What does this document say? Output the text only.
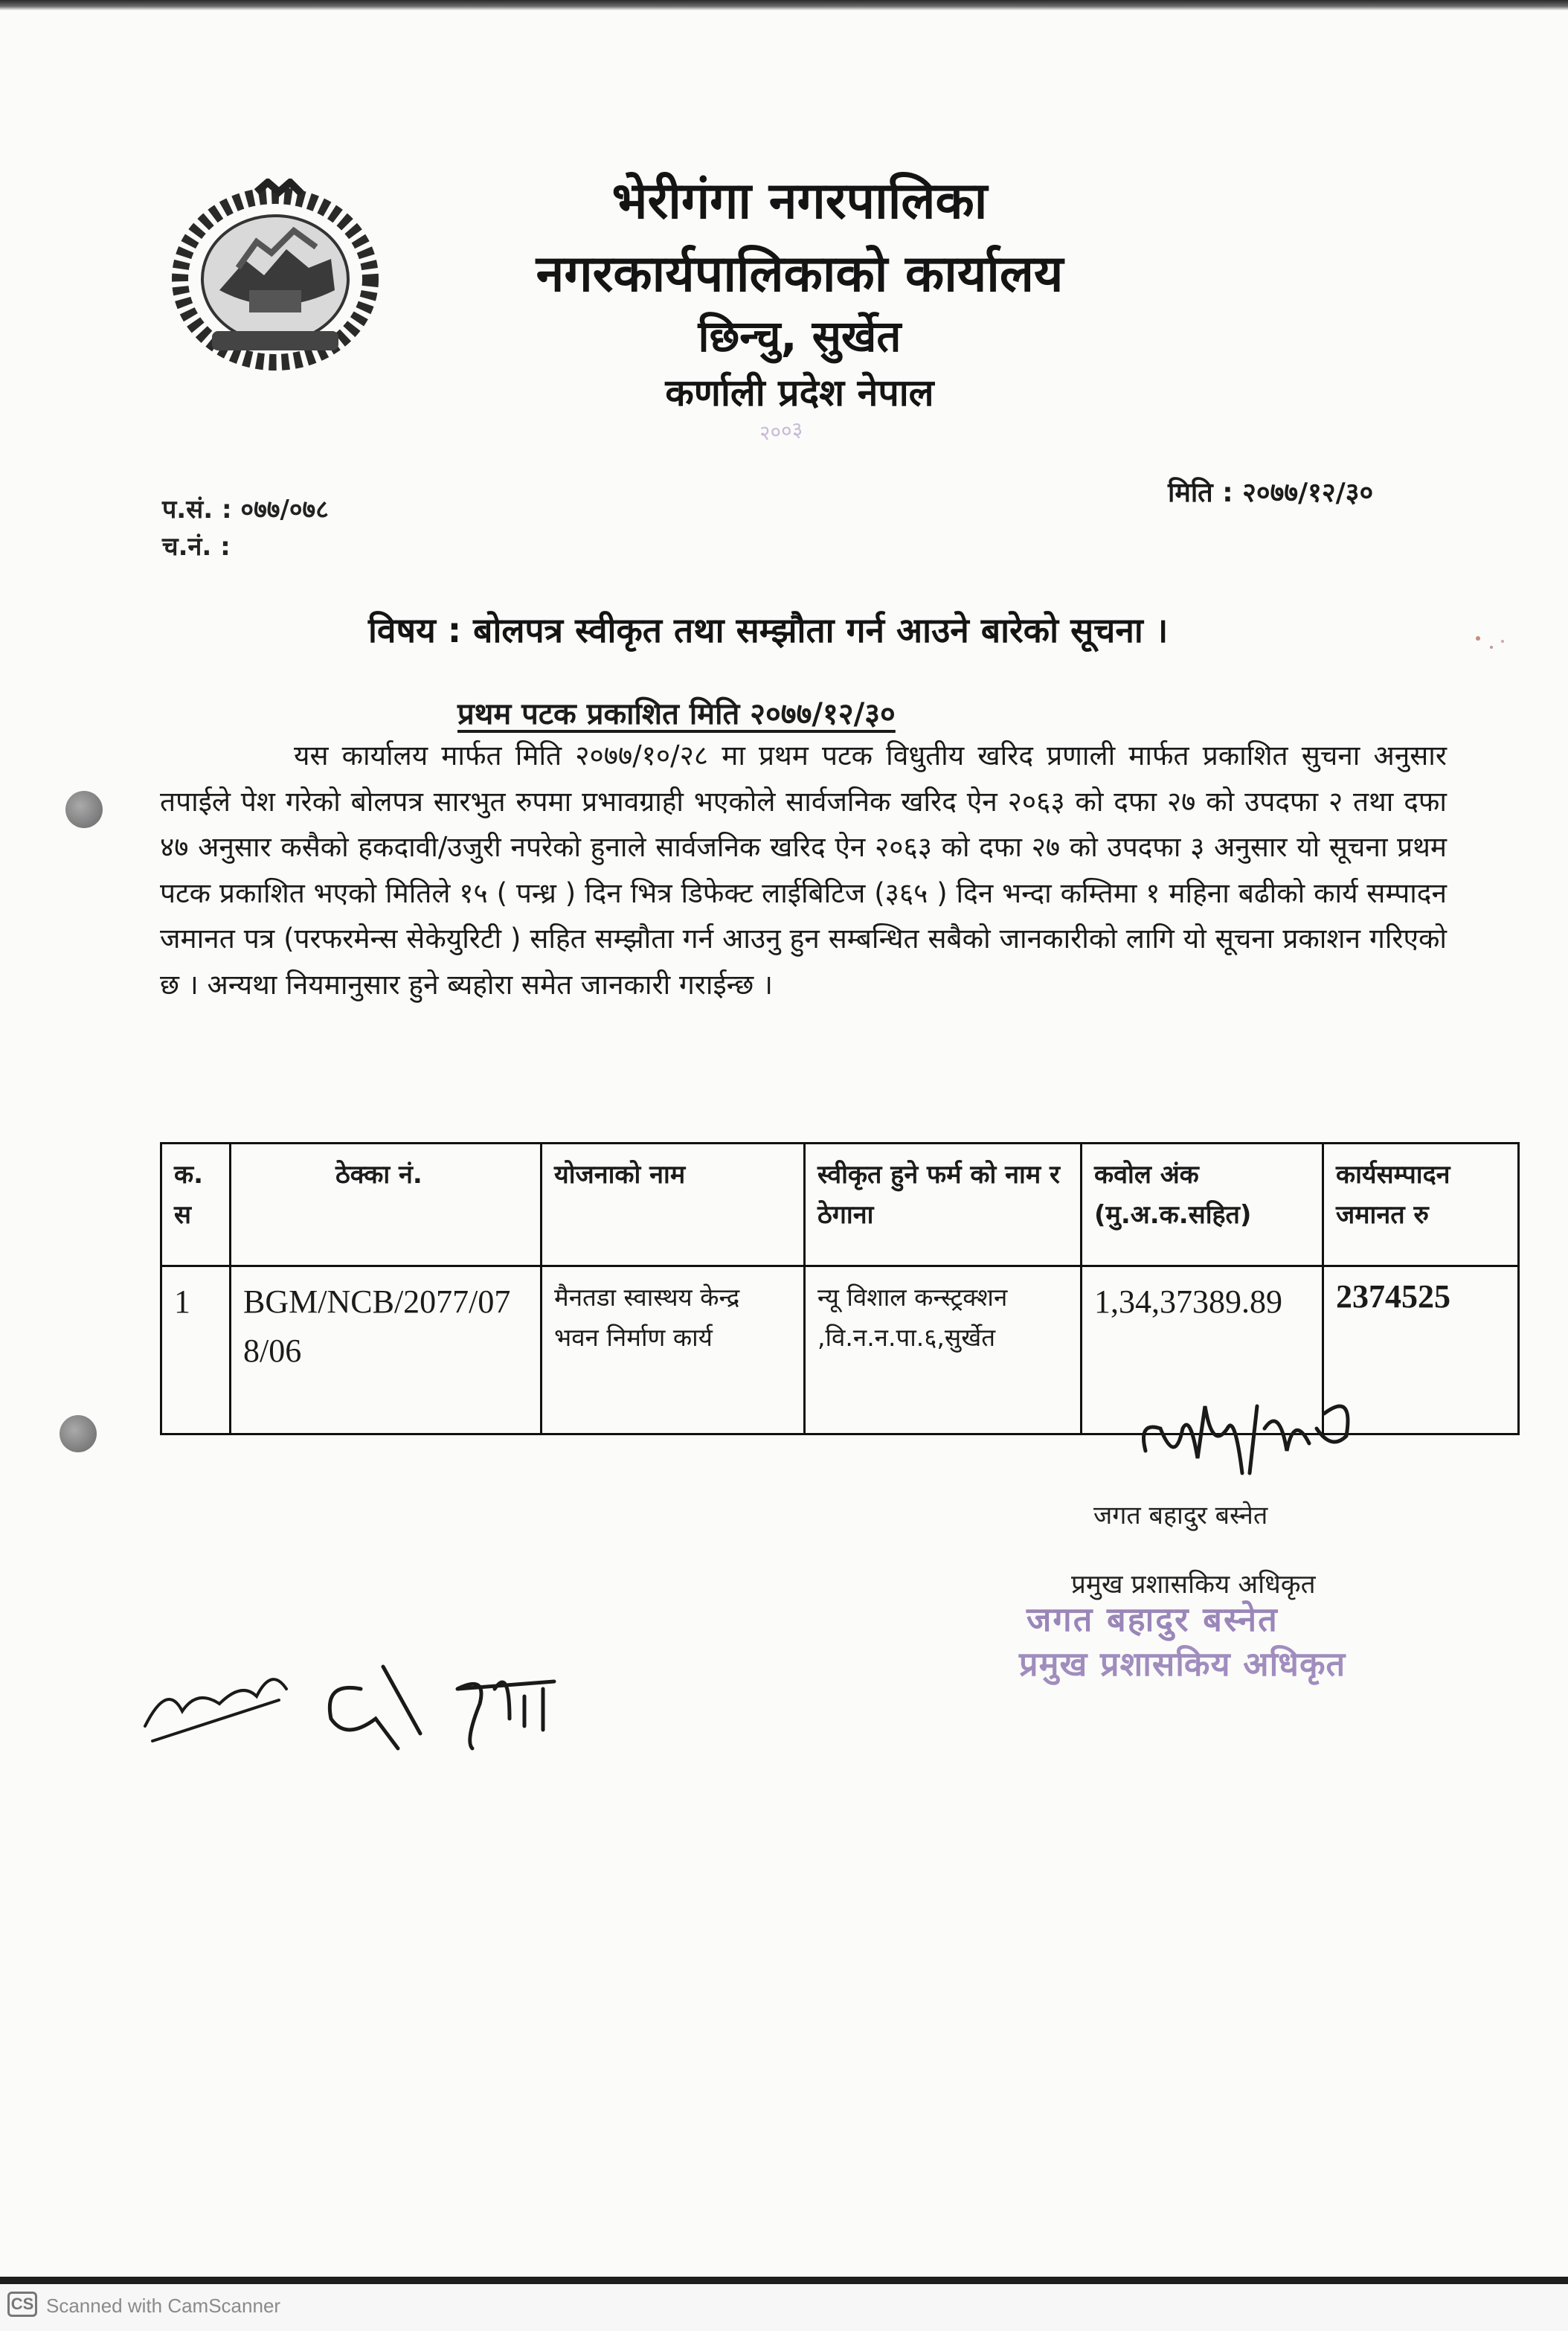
भेरीगंगा नगरपालिका
नगरकार्यपालिकाको कार्यालय
छिन्चु, सुर्खेत
कर्णाली प्रदेश नेपाल
२००३
प.सं. : ०७७/०७८
च.नं. :
मिति : २०७७/१२/३०
विषय : बोलपत्र स्वीकृत तथा सम्झौता गर्न आउने बारेको सूचना ।
प्रथम पटक प्रकाशित मिति २०७७/१२/३०
यस कार्यालय मार्फत मिति २०७७/१०/२८ मा प्रथम पटक विधुतीय खरिद प्रणाली मार्फत प्रकाशित सुचना अनुसार तपाईले पेश गरेको बोलपत्र सारभुत रुपमा प्रभावग्राही भएकोले सार्वजनिक खरिद ऐन २०६३ को दफा २७ को उपदफा २ तथा दफा ४७ अनुसार कसैको हकदावी/उजुरी नपरेको हुनाले सार्वजनिक खरिद ऐन २०६३ को दफा २७ को उपदफा ३ अनुसार यो सूचना प्रथम पटक प्रकाशित भएको मितिले १५ ( पन्ध्र ) दिन भित्र डिफेक्ट लाईबिटिज (३६५ ) दिन भन्दा कम्तिमा १ महिना बढीको कार्य सम्पादन जमानत पत्र (परफरमेन्स सेकेयुरिटी ) सहित सम्झौता गर्न आउनु हुन सम्बन्धित सबैको जानकारीको लागि यो सूचना प्रकाशन गरिएको छ । अन्यथा नियमानुसार हुने ब्यहोरा समेत जानकारी गराईन्छ ।
क. स	ठेक्का नं.	योजनाको नाम	स्वीकृत हुने फर्म को नाम र ठेगाना	कवोल अंक (मु.अ.क.सहित)	कार्यसम्पादन जमानत रु
1	BGM/NCB/2077/078/06	मैनतडा स्वास्थय केन्द्र भवन निर्माण कार्य	न्यू विशाल कन्स्ट्रक्शन ,वि.न.न.पा.६,सुर्खेत	1,34,37389.89	2374525
जगत बहादुर बस्नेत
प्रमुख प्रशासकिय अधिकृत
जगत बहादुर बस्नेत
प्रमुख प्रशासकिय अधिकृत
CS Scanned with CamScanner
